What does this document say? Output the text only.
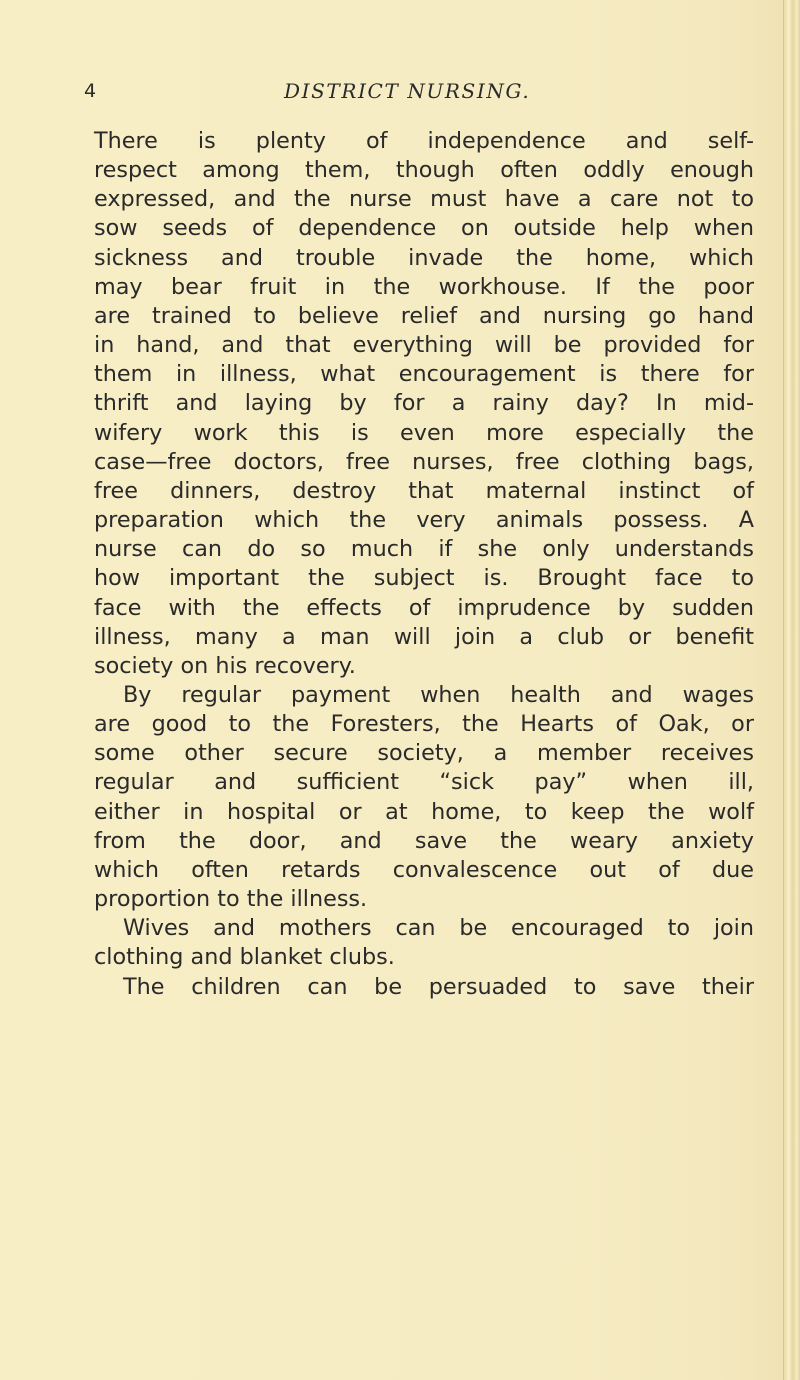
4	DISTRICT NURSING.
There is plenty of independence and self-
respect among them, though often oddly enough
expressed, and the nurse must have a care not to
sow seeds of dependence on outside help when
sickness and trouble invade the home, which
may bear fruit in the workhouse. If the poor
are trained to believe relief and nursing go hand
in hand, and that everything will be provided for
them in illness, what encouragement is there for
thrift and laying by for a rainy day? In mid-
wifery work this is even more especially the
case—free doctors, free nurses, free clothing bags,
free dinners, destroy that maternal instinct of
preparation which the very animals possess. A
nurse can do so much if she only understands
how important the subject is. Brought face to
face with the effects of imprudence by sudden
illness, many a man will join a club or benefit
society on his recovery.
By regular payment when health and wages
are good to the Foresters, the Hearts of Oak, or
some other secure society, a member receives
regular and sufficient “sick pay” when ill,
either in hospital or at home, to keep the wolf
from the door, and save the weary anxiety
which often retards convalescence out of due
proportion to the illness.
Wives and mothers can be encouraged to join
clothing and blanket clubs.
The children can be persuaded to save their
